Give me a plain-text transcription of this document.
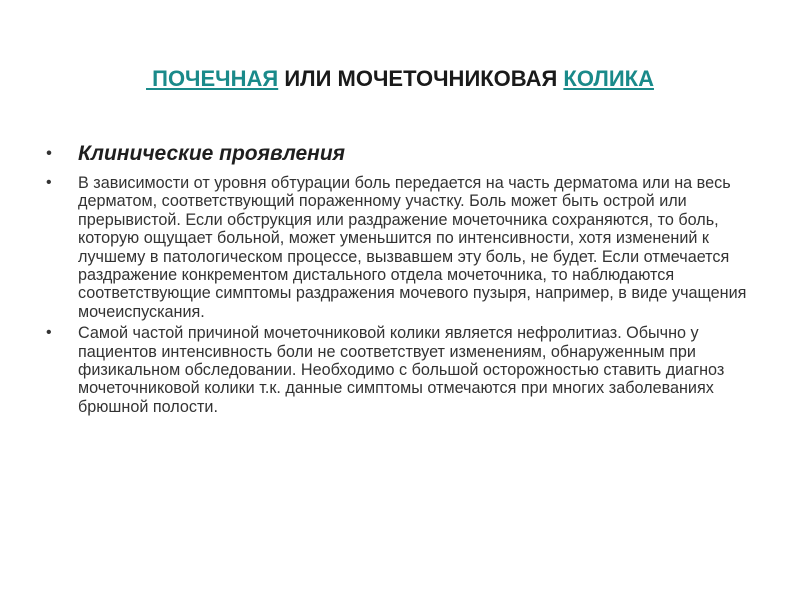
ПОЧЕЧНАЯ ИЛИ МОЧЕТОЧНИКОВАЯ КОЛИКА
• Клинические проявления
• В зависимости от уровня обтурации боль передается на часть дерматома или на весь дерматом, соответствующий пораженному участку. Боль может быть острой или прерывистой. Если обструкция или раздражение мочеточника сохраняются, то боль, которую ощущает больной, может уменьшится по интенсивности, хотя изменений к лучшему в патологическом процессе, вызвавшем эту боль, не будет. Если отмечается раздражение конкрементом дистального отдела мочеточника, то наблюдаются соответствующие симптомы раздражения мочевого пузыря, например, в виде учащения мочеиспускания.
• Самой частой причиной мочеточниковой колики является нефролитиаз. Обычно у пациентов интенсивность боли не соответствует изменениям, обнаруженным при физикальном обследовании. Необходимо с большой осторожностью ставить диагноз мочеточниковой колики т.к. данные симптомы отмечаются при многих заболеваниях брюшной полости.
